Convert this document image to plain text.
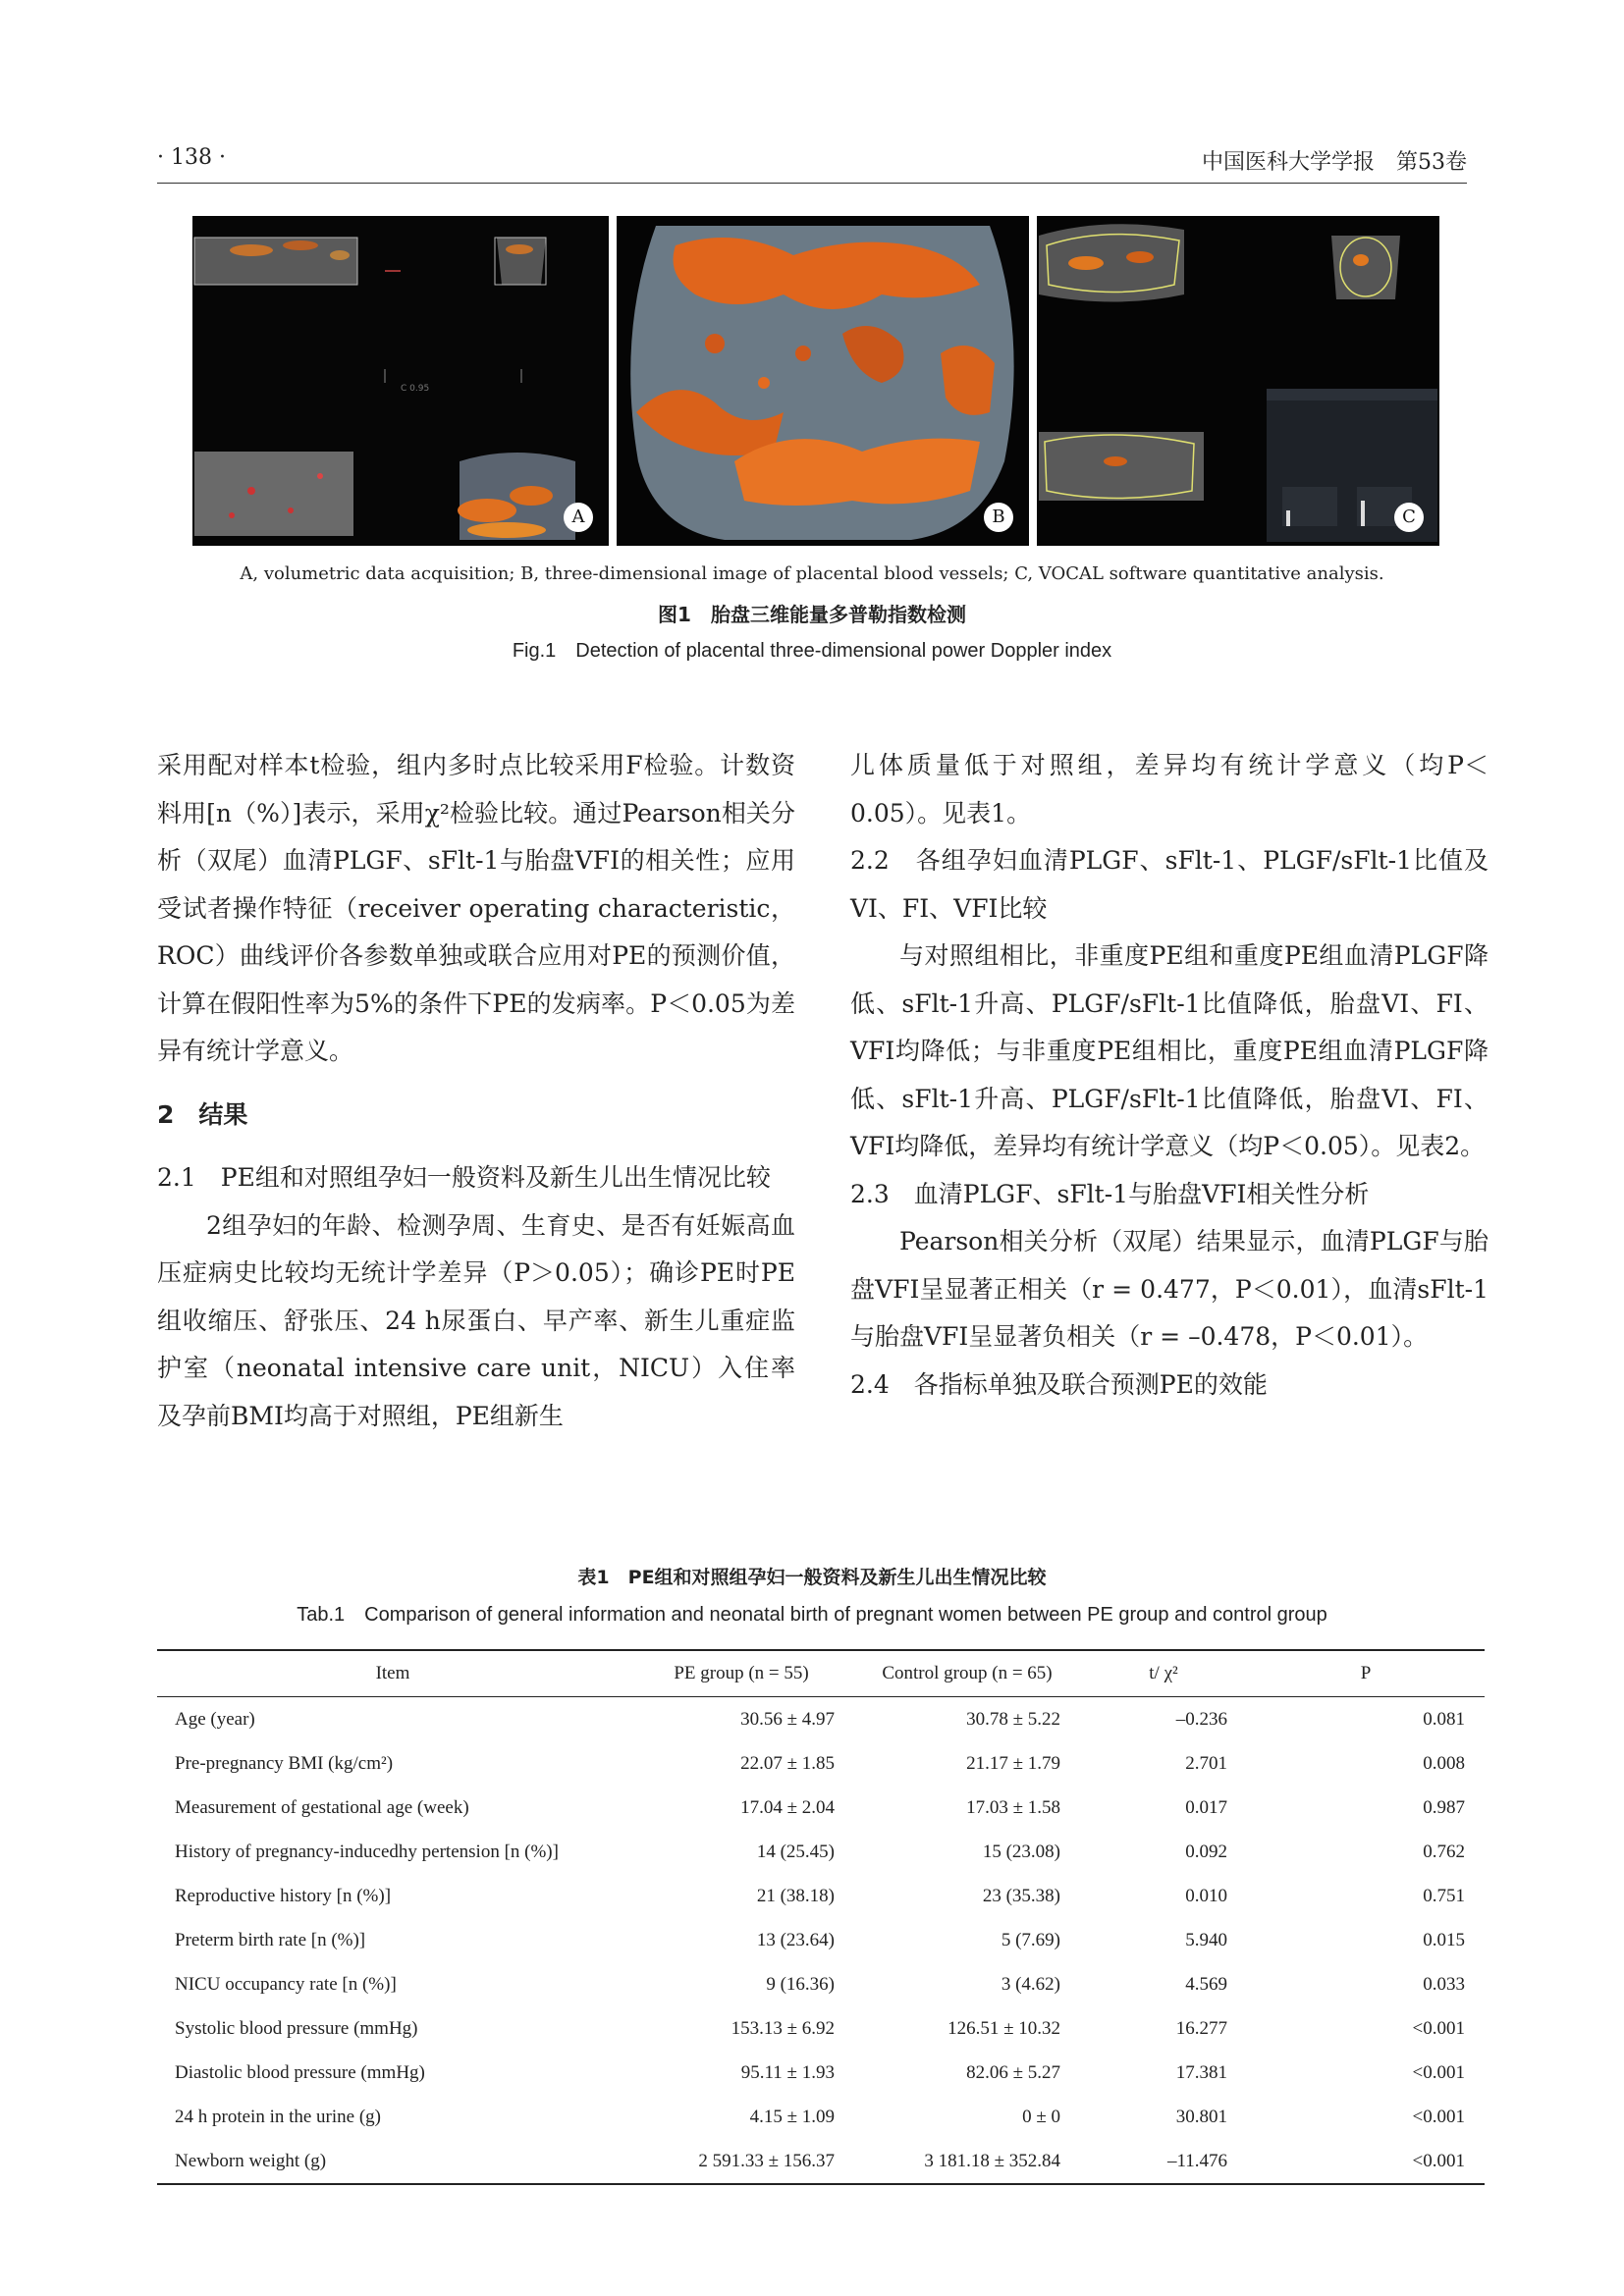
· 138 ·	中国医科大学学报　第53卷
C 0.95
A	B	C
A, volumetric data acquisition; B, three-dimensional image of placental blood vessels; C, VOCAL software quantitative analysis.
图1　胎盘三维能量多普勒指数检测
Fig.1　Detection of placental three-dimensional power Doppler index

采用配对样本t检验，组内多时点比较采用F检验。计数资料用[n（%）]表示，采用χ²检验比较。通过Pearson相关分析（双尾）血清PLGF、sFlt-1与胎盘VFI的相关性；应用受试者操作特征（receiver operating characteristic，ROC）曲线评价各参数单独或联合应用对PE的预测价值，计算在假阳性率为5%的条件下PE的发病率。P＜0.05为差异有统计学意义。

2　结果

2.1　PE组和对照组孕妇一般资料及新生儿出生情况比较

2组孕妇的年龄、检测孕周、生育史、是否有妊娠高血压症病史比较均无统计学差异（P＞0.05）；确诊PE时PE组收缩压、舒张压、24 h尿蛋白、早产率、新生儿重症监护室（neonatal intensive care unit，NICU）入住率及孕前BMI均高于对照组，PE组新生

儿体质量低于对照组，差异均有统计学意义（均P＜0.05）。见表1。

2.2　各组孕妇血清PLGF、sFlt-1、PLGF/sFlt-1比值及VI、FI、VFI比较

与对照组相比，非重度PE组和重度PE组血清PLGF降低、sFlt-1升高、PLGF/sFlt-1比值降低，胎盘VI、FI、VFI均降低；与非重度PE组相比，重度PE组血清PLGF降低、sFlt-1升高、PLGF/sFlt-1比值降低，胎盘VI、FI、VFI均降低，差异均有统计学意义（均P＜0.05）。见表2。

2.3　血清PLGF、sFlt-1与胎盘VFI相关性分析

Pearson相关分析（双尾）结果显示，血清PLGF与胎盘VFI呈显著正相关（r = 0.477，P＜0.01），血清sFlt-1与胎盘VFI呈显著负相关（r = –0.478，P＜0.01）。

2.4　各指标单独及联合预测PE的效能

表1　PE组和对照组孕妇一般资料及新生儿出生情况比较
Tab.1　Comparison of general information and neonatal birth of pregnant women between PE group and control group
Item	PE group (n = 55)	Control group (n = 65)	t/ χ²	P
Age (year)	30.56 ± 4.97	30.78 ± 5.22	–0.236	0.081
Pre-pregnancy BMI (kg/cm²)	22.07 ± 1.85	21.17 ± 1.79	2.701	0.008
Measurement of gestational age (week)	17.04 ± 2.04	17.03 ± 1.58	0.017	0.987
History of pregnancy-inducedhy pertension [n (%)]	14 (25.45)	15 (23.08)	0.092	0.762
Reproductive history [n (%)]	21 (38.18)	23 (35.38)	0.010	0.751
Preterm birth rate [n (%)]	13 (23.64)	5 (7.69)	5.940	0.015
NICU occupancy rate [n (%)]	9 (16.36)	3 (4.62)	4.569	0.033
Systolic blood pressure (mmHg)	153.13 ± 6.92	126.51 ± 10.32	16.277	<0.001
Diastolic blood pressure (mmHg)	95.11 ± 1.93	82.06 ± 5.27	17.381	<0.001
24 h protein in the urine (g)	4.15 ± 1.09	0 ± 0	30.801	<0.001
Newborn weight (g)	2 591.33 ± 156.37	3 181.18 ± 352.84	–11.476	<0.001
